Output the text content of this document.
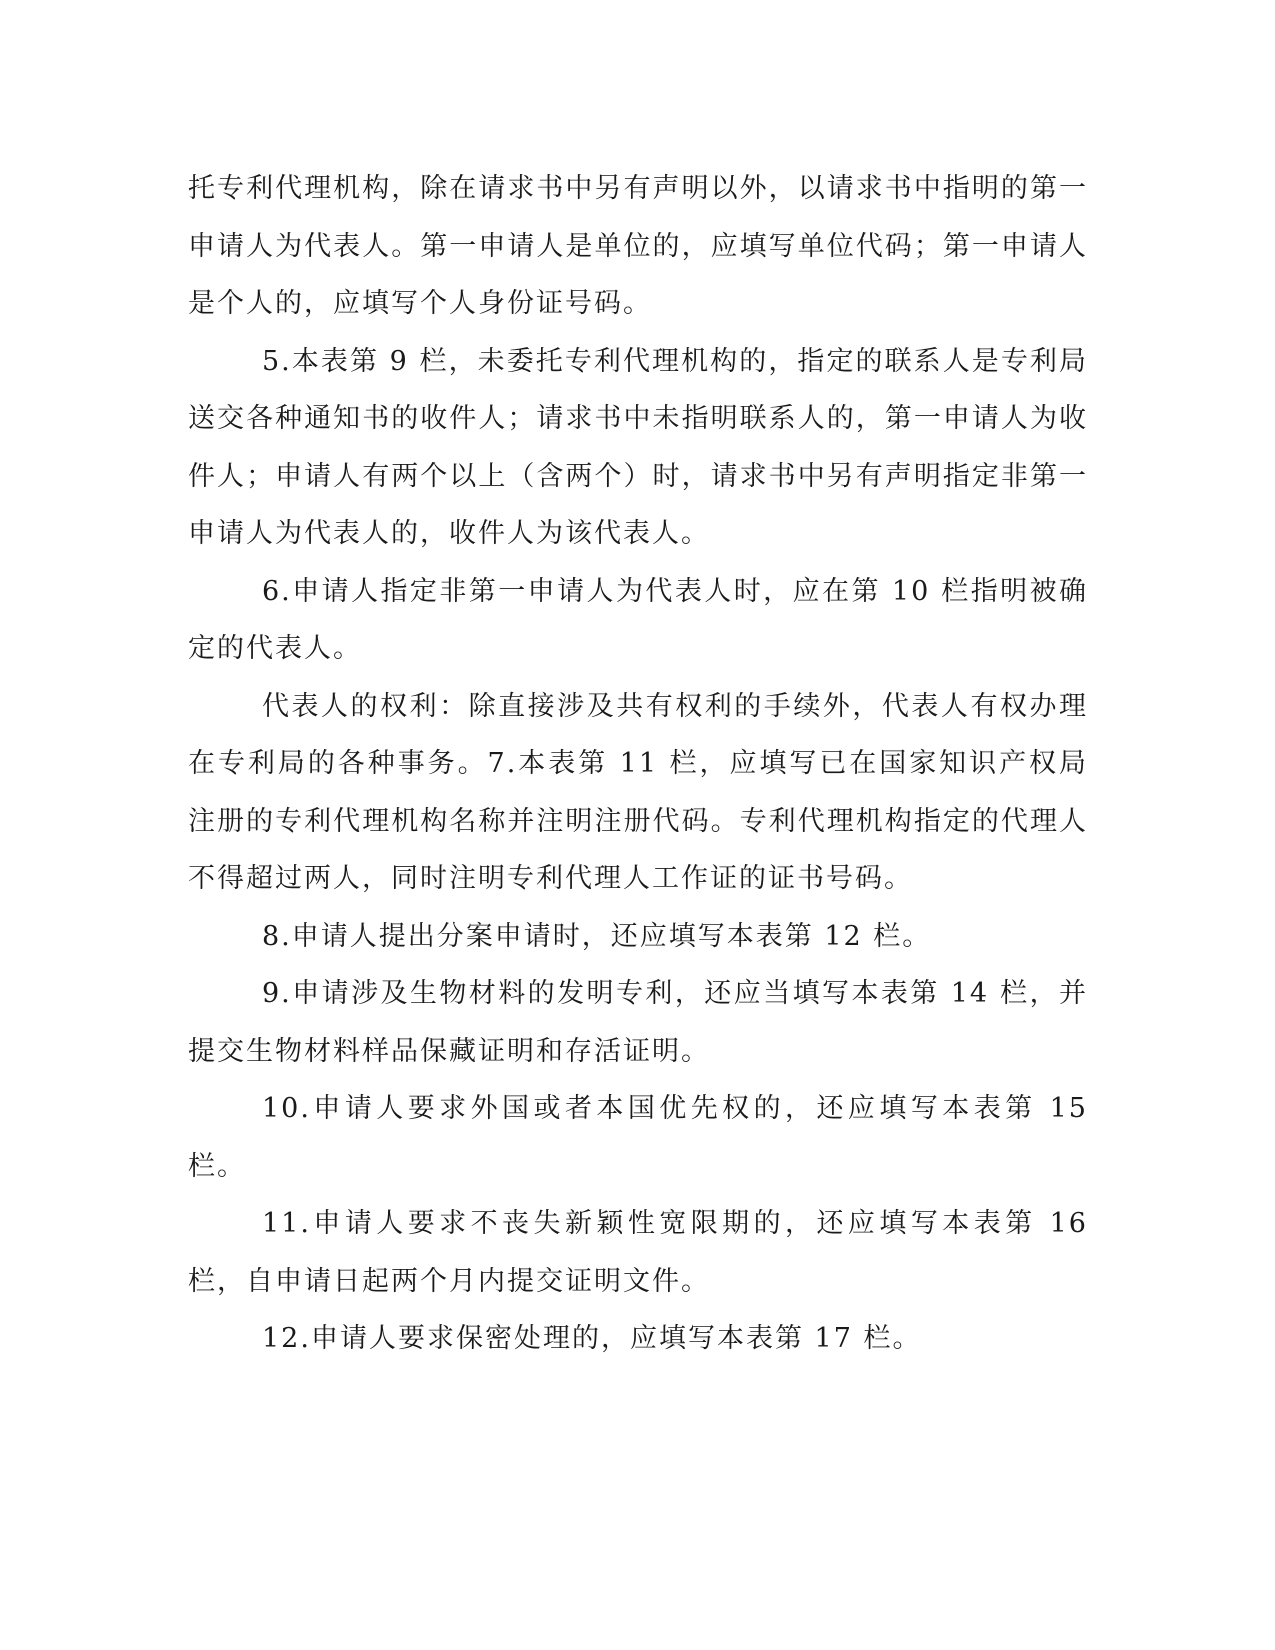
托专利代理机构，除在请求书中另有声明以外，以请求书中指明的第一申请人为代表人。第一申请人是单位的，应填写单位代码；第一申请人是个人的，应填写个人身份证号码。

5.本表第 9 栏，未委托专利代理机构的，指定的联系人是专利局送交各种通知书的收件人；请求书中未指明联系人的，第一申请人为收件人；申请人有两个以上（含两个）时，请求书中另有声明指定非第一申请人为代表人的，收件人为该代表人。

6.申请人指定非第一申请人为代表人时，应在第 10 栏指明被确定的代表人。

代表人的权利：除直接涉及共有权利的手续外，代表人有权办理在专利局的各种事务。7.本表第 11 栏，应填写已在国家知识产权局注册的专利代理机构名称并注明注册代码。专利代理机构指定的代理人不得超过两人，同时注明专利代理人工作证的证书号码。

8.申请人提出分案申请时，还应填写本表第 12 栏。

9.申请涉及生物材料的发明专利，还应当填写本表第 14 栏，并提交生物材料样品保藏证明和存活证明。

10.申请人要求外国或者本国优先权的，还应填写本表第 15 栏。

11.申请人要求不丧失新颖性宽限期的，还应填写本表第 16 栏，自申请日起两个月内提交证明文件。

12.申请人要求保密处理的，应填写本表第 17 栏。
